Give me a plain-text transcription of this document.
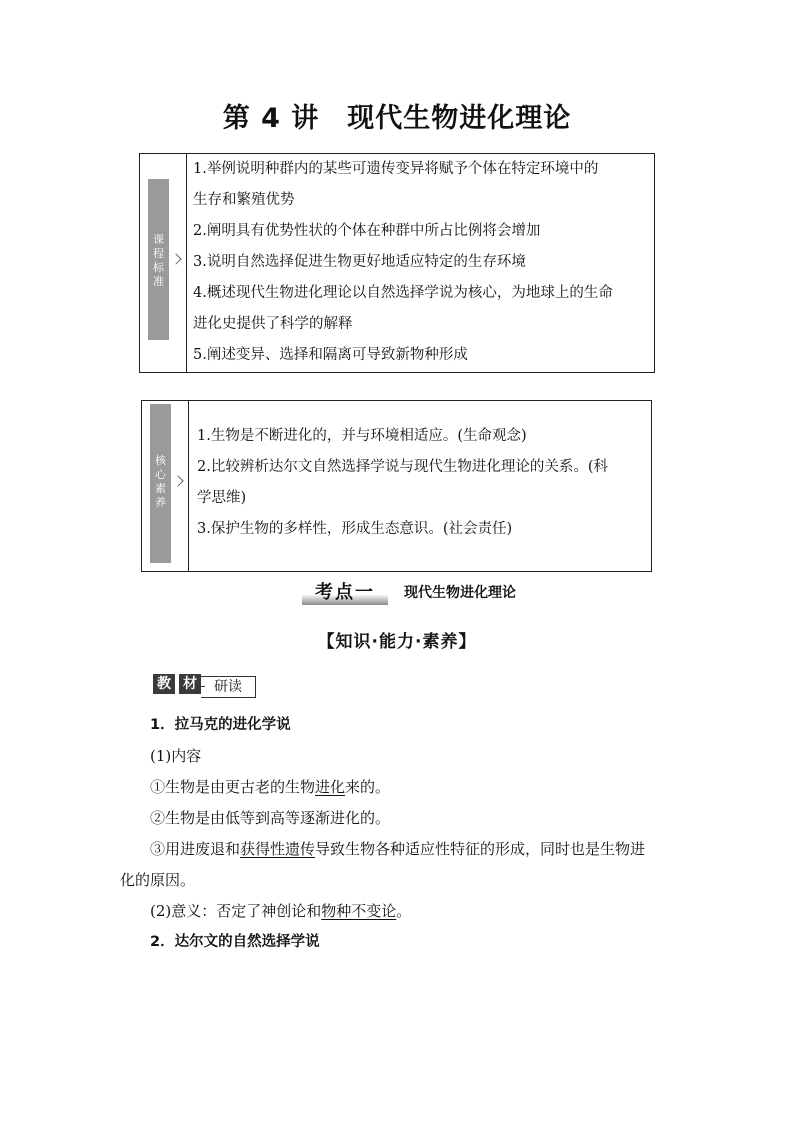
第 4 讲　现代生物进化理论
课程标准

1.举例说明种群内的某些可遗传变异将赋予个体在特定环境中的

生存和繁殖优势

2.阐明具有优势性状的个体在种群中所占比例将会增加

3.说明自然选择促进生物更好地适应特定的生存环境

4.概述现代生物进化理论以自然选择学说为核心，为地球上的生命

进化史提供了科学的解释

5.阐述变异、选择和隔离可导致新物种形成

核心素养

1.生物是不断进化的，并与环境相适应。(生命观念)

2.比较辨析达尔文自然选择学说与现代生物进化理论的关系。(科

学思维)

3.保护生物的多样性，形成生态意识。(社会责任)

考点一	现代生物进化理论
【知识·能力·素养】
教 材	研读

1．拉马克的进化学说

(1)内容

①生物是由更古老的生物进化来的。

②生物是由低等到高等逐渐进化的。

③用进废退和获得性遗传导致生物各种适应性特征的形成，同时也是生物进

化的原因。

(2)意义：否定了神创论和物种不变论。

2．达尔文的自然选择学说
